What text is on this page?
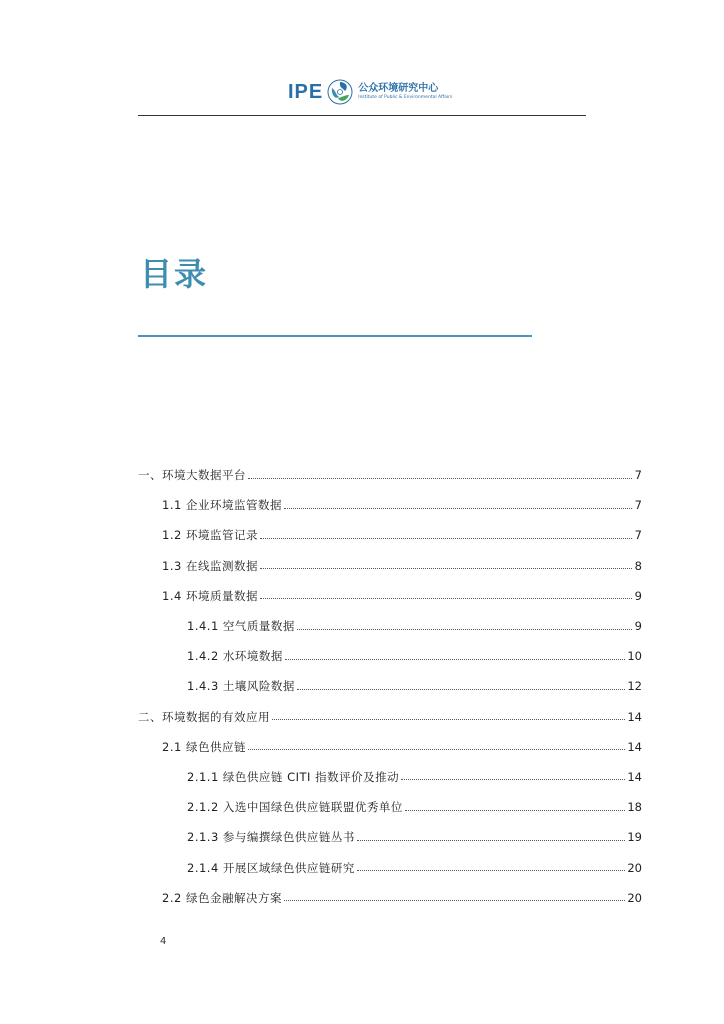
IPE	公众环境研究中心
Institute of Public & Environmental Affairs
目录
一、环境大数据平台	7
1.1 企业环境监管数据	7
1.2 环境监管记录	7
1.3 在线监测数据	8
1.4 环境质量数据	9
1.4.1 空气质量数据	9
1.4.2 水环境数据	10
1.4.3 土壤风险数据	12
二、环境数据的有效应用	14
2.1 绿色供应链	14
2.1.1 绿色供应链 CITI 指数评价及推动	14
2.1.2 入选中国绿色供应链联盟优秀单位	18
2.1.3 参与编撰绿色供应链丛书	19
2.1.4 开展区域绿色供应链研究	20
2.2 绿色金融解决方案	20
4
